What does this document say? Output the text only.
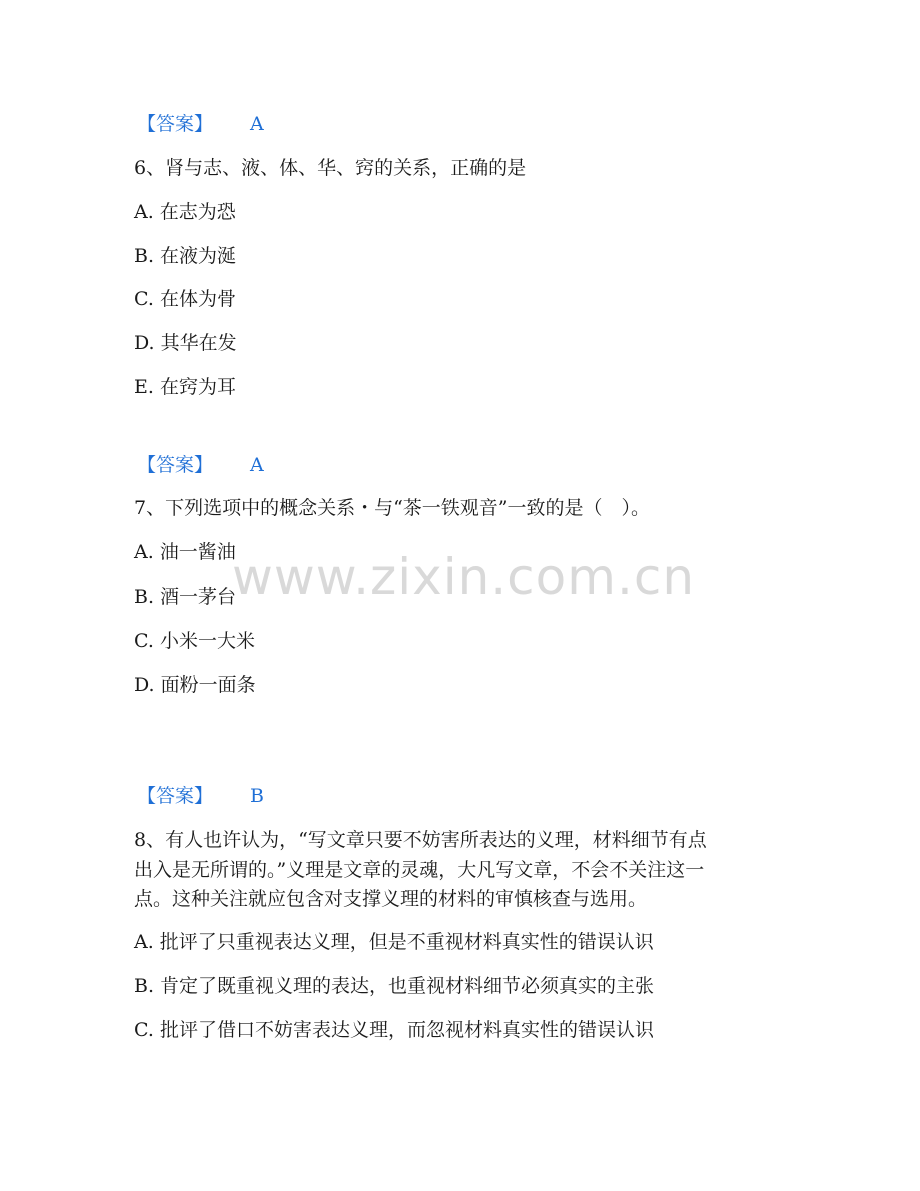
www.zixin.com.cn
【答案】 A
6、肾与志、液、体、华、窍的关系，正确的是
A. 在志为恐
B. 在液为涎
C. 在体为骨
D. 其华在发
E. 在窍为耳
【答案】 A
7、下列选项中的概念关系・与“茶一铁观音”一致的是（　）。
A. 油一酱油
B. 酒一茅台
C. 小米一大米
D. 面粉一面条
【答案】 B
8、有人也许认为，“写文章只要不妨害所表达的义理，材料细节有点
出入是无所谓的。”义理是文章的灵魂，大凡写文章，不会不关注这一
点。这种关注就应包含对支撑义理的材料的审慎核查与选用。
A. 批评了只重视表达义理，但是不重视材料真实性的错误认识
B. 肯定了既重视义理的表达，也重视材料细节必须真实的主张
C. 批评了借口不妨害表达义理，而忽视材料真实性的错误认识
